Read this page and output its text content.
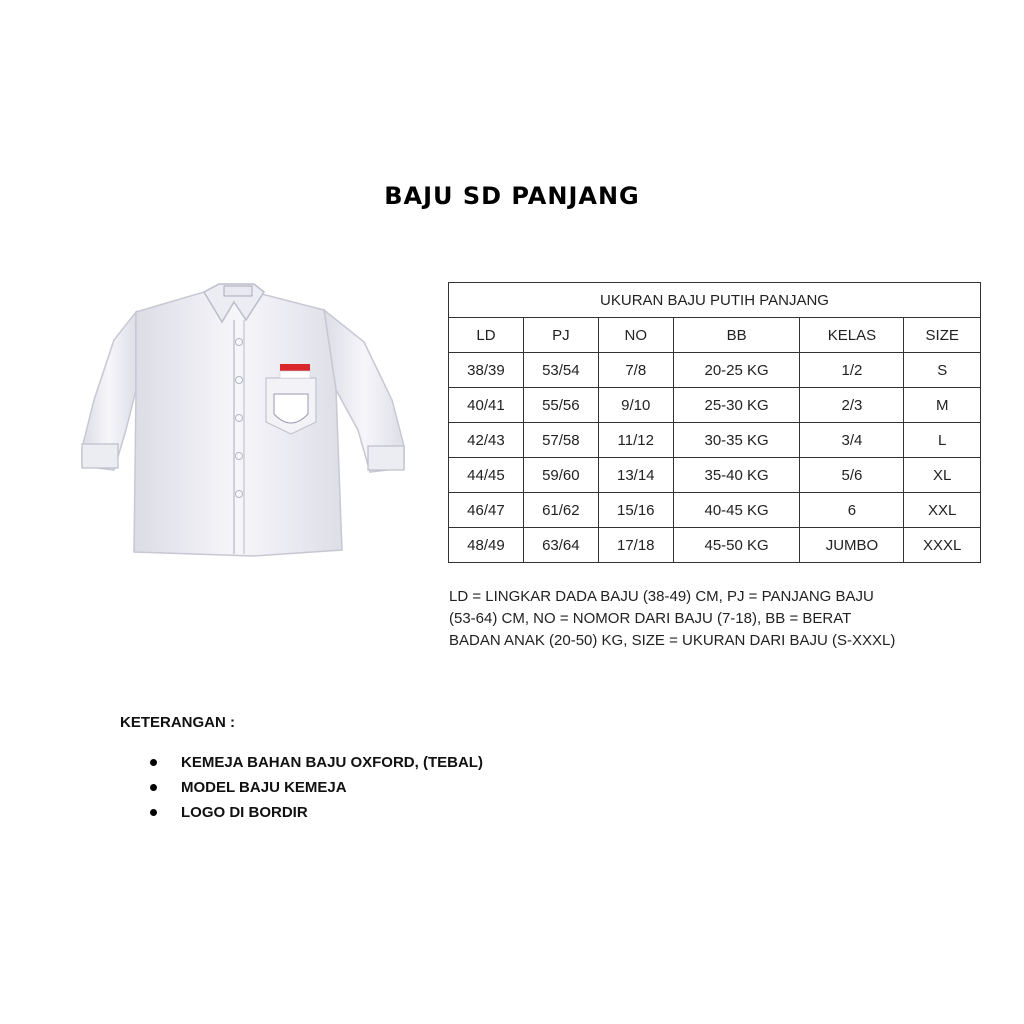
BAJU SD PANJANG
UKURAN BAJU PUTIH PANJANG					
LD	PJ	NO	BB	KELAS	SIZE
38/39	53/54	7/8	20-25 KG	1/2	S
40/41	55/56	9/10	25-30 KG	2/3	M
42/43	57/58	11/12	30-35 KG	3/4	L
44/45	59/60	13/14	35-40 KG	5/6	XL
46/47	61/62	15/16	40-45 KG	6	XXL
48/49	63/64	17/18	45-50 KG	JUMBO	XXXL
LD = LINGKAR DADA BAJU (38-49) CM, PJ = PANJANG BAJU (53-64) CM, NO = NOMOR DARI BAJU (7-18), BB = BERAT BADAN ANAK (20-50) KG, SIZE = UKURAN DARI BAJU (S-XXXL)
KETERANGAN :
KEMEJA BAHAN BAJU OXFORD, (TEBAL)
MODEL BAJU KEMEJA
LOGO DI BORDIR
